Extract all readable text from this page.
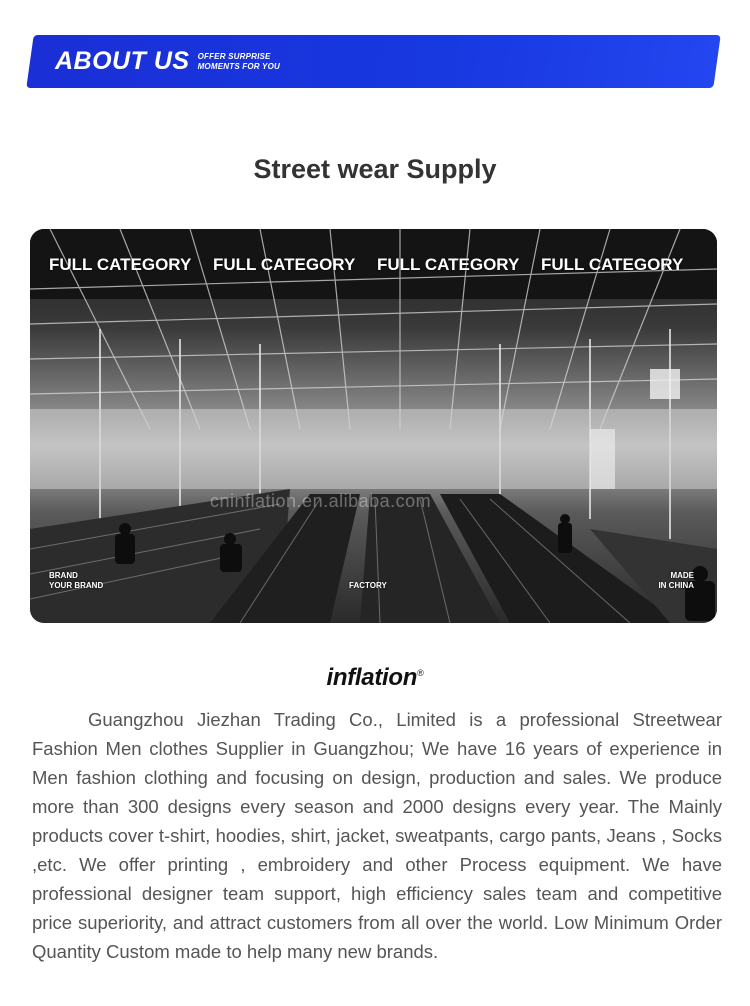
ABOUT US OFFER SURPRISE
MOMENTS FOR YOU
Street wear Supply
FULL CATEGORY	FULL CATEGORY	FULL CATEGORY	FULL CATEGORY
cninflation.en.alibaba.com
BRAND
YOUR BRAND	FACTORY
MADE
IN CHINA
inflation®

Guangzhou Jiezhan Trading Co., Limited is a professional Streetwear Fashion Men clothes Supplier in Guangzhou; We have 16 years of experience in Men fashion clothing and focusing on design, production and sales. We produce more than 300 designs every season and 2000 designs every year. The Mainly products cover t-shirt, hoodies, shirt, jacket, sweatpants, cargo pants, Jeans , Socks ,etc. We offer printing , embroidery and other Process equipment. We have professional designer team support, high efficiency sales team and competitive price superiority, and attract customers from all over the world. Low Minimum Order Quantity Custom made to help many new brands.
